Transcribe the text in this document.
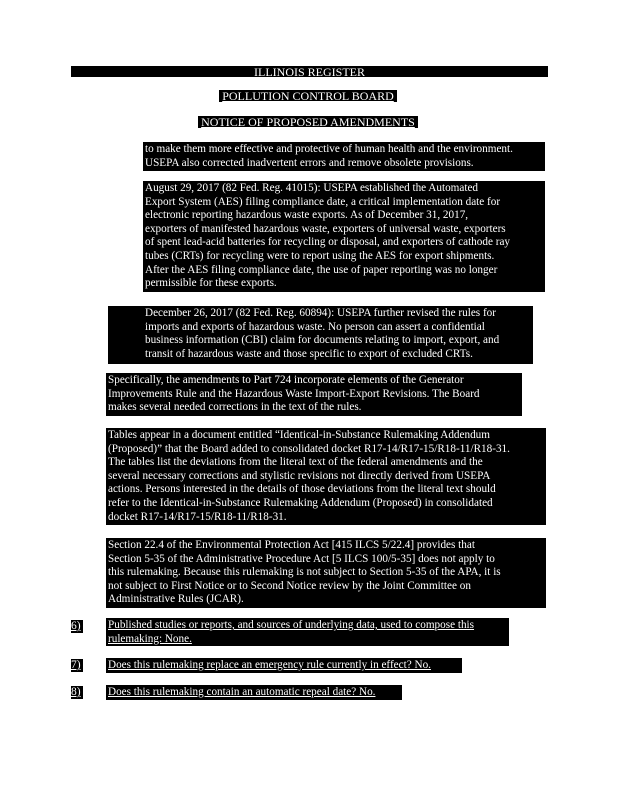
ILLINOIS REGISTER
POLLUTION CONTROL BOARD
NOTICE OF PROPOSED AMENDMENTS

to make them more effective and protective of human health and the environment.

USEPA also corrected inadvertent errors and remove obsolete provisions.

August 29, 2017 (82 Fed. Reg. 41015): USEPA established the Automated

Export System (AES) filing compliance date, a critical implementation date for

electronic reporting hazardous waste exports. As of December 31, 2017,

exporters of manifested hazardous waste, exporters of universal waste, exporters

of spent lead-acid batteries for recycling or disposal, and exporters of cathode ray

tubes (CRTs) for recycling were to report using the AES for export shipments.

After the AES filing compliance date, the use of paper reporting was no longer

permissible for these exports.

December 26, 2017 (82 Fed. Reg. 60894): USEPA further revised the rules for

imports and exports of hazardous waste. No person can assert a confidential

business information (CBI) claim for documents relating to import, export, and

transit of hazardous waste and those specific to export of excluded CRTs.

Specifically, the amendments to Part 724 incorporate elements of the Generator

Improvements Rule and the Hazardous Waste Import-Export Revisions. The Board

makes several needed corrections in the text of the rules.

Tables appear in a document entitled “Identical-in-Substance Rulemaking Addendum

(Proposed)” that the Board added to consolidated docket R17-14/R17-15/R18-11/R18-31.

The tables list the deviations from the literal text of the federal amendments and the

several necessary corrections and stylistic revisions not directly derived from USEPA

actions. Persons interested in the details of those deviations from the literal text should

refer to the Identical-in-Substance Rulemaking Addendum (Proposed) in consolidated

docket R17-14/R17-15/R18-11/R18-31.

Section 22.4 of the Environmental Protection Act [415 ILCS 5/22.4] provides that

Section 5-35 of the Administrative Procedure Act [5 ILCS 100/5-35] does not apply to

this rulemaking. Because this rulemaking is not subject to Section 5-35 of the APA, it is

not subject to First Notice or to Second Notice review by the Joint Committee on

Administrative Rules (JCAR).

6) Published studies or reports, and sources of underlying data, used to compose this

rulemaking: None.

7) Does this rulemaking replace an emergency rule currently in effect? No.

8) Does this rulemaking contain an automatic repeal date? No.
